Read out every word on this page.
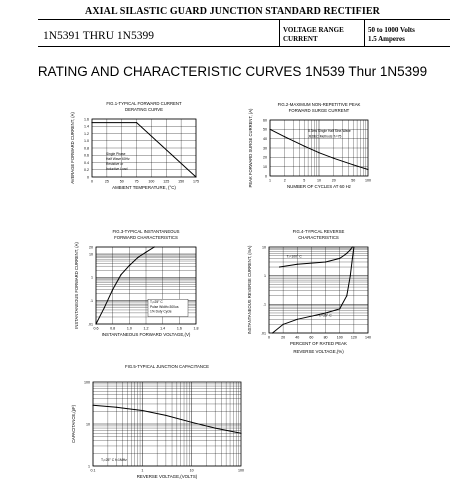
AXIAL SILASTIC GUARD JUNCTION STANDARD RECTIFIER
1N5391 THRU 1N5399	VOLTAGE RANGE
CURRENT
50 to 1000 Volts
1.5 Amperes
RATING AND CHARACTERISTIC CURVES 1N539 Thur 1N5399
FIG.1-TYPICAL FORWARD CURRENT
DERATING CURVE
0	25	50	75	100 125 150 175
0
0.2
0.4
0.6
0.8
1.0
1.2
1.4
1.6
AMBIENT TEMPERATURE, (°C)
AVERAGE FORWARD CURRENT, (A)
FIG.2-MAXIMUM NON-REPETITIVE PEAK
FORWARD SURGE CURRENT
1	2	5	10	20	50	100
0
10
20
30
40
50
60
NUMBER OF CYCLES AT 60 Hz
PEAK FORWARD SURGE CURRENT, (A)
FIG.3-TYPICAL INSTANTANEOUS
FORWARD CHARACTERISTICS
0.6	0.8	1.0	1.2	1.4	1.6	1.8
.01
.1
1
10
20
INSTANTANEOUS FORWARD VOLTAGE,(V)
INSTANTANEOUS FORWARD CURRENT, (A)
FIG.4-TYPICAL REVERSE
CHARACTERISTICS
0	20	40	60	80	100 120 140
.01
.1
1
10
PERCENT OF RATED PEAK
REVERSE VOLTAGE,(%)
INSTANTANEOUS REVERSE CURRENT, (mA)
FIG.5-TYPICAL JUNCTION CAPACITANCE
0.1	1	10	100
1
10
100
REVERSE VOLTAGE,(VOLTS)
CAPACITANCE,(pF)
Single Phase
Half Wave 60Hz
Resistive or
Inductive Load
8.3ms Single Half Sine-Wave
JEDEC Methods Tₗ=75
Tⱼ=25° C
Pulse Width=300us
1% Duty Cycle
Tⱼ=100° C
Tⱼ=25° C
Tⱼ=25° C f=1MHz
